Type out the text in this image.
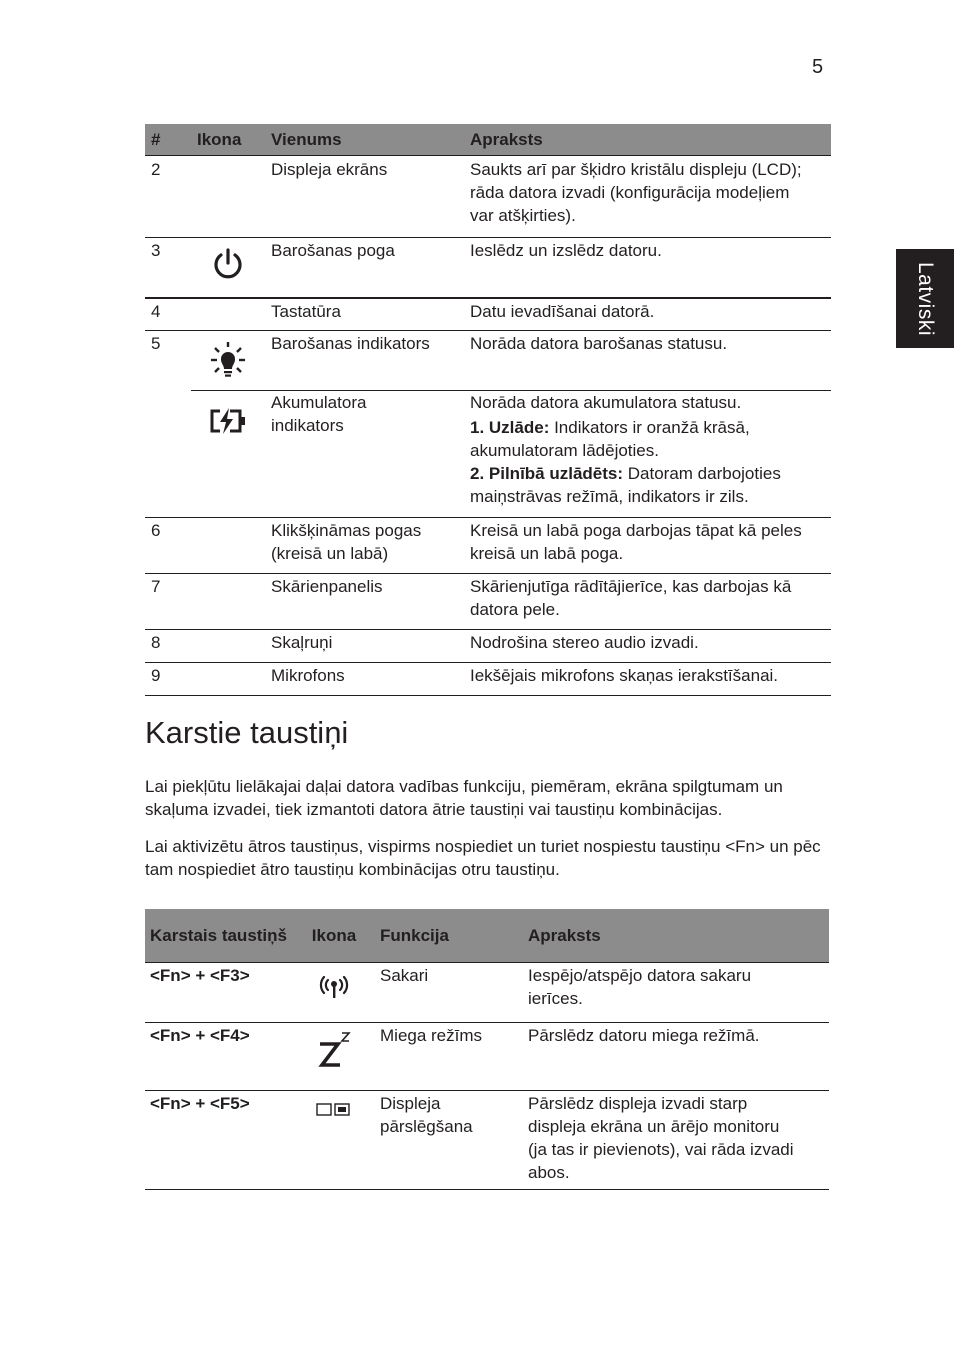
5
Latviski
#	Ikona	Vienums	Apraksts
2		Displeja ekrāns	Saukts arī par šķidro kristālu displeju (LCD);
rāda datora izvadi (konfigurācija modeļiem
var atšķirties).

3		Barošanas poga	Ieslēdz un izslēdz datoru.
4		Tastatūra	Datu ievadīšanai datorā.
5		Barošanas indikators	Norāda datora barošanas statusu.

Akumulatora
indikators	Norāda datora akumulatora statusu.
1. Uzlāde: Indikators ir oranžā krāsā,
akumulatoram lādējoties.
2. Pilnībā uzlādēts: Datoram darbojoties
maiņstrāvas režīmā, indikators ir zils.

6		Klikšķināmas pogas
(kreisā un labā)	Kreisā un labā poga darbojas tāpat kā peles
kreisā un labā poga.

7		Skārienpanelis	Skārienjutīga rādītājierīce, kas darbojas kā
datora pele.

8		Skaļruņi	Nodrošina stereo audio izvadi.
9		Mikrofons	Iekšējais mikrofons skaņas ierakstīšanai.
Karstie taustiņi

Lai piekļūtu lielākajai daļai datora vadības funkciju, piemēram, ekrāna spilgtumam un skaļuma izvadei, tiek izmantoti datora ātrie taustiņi vai taustiņu kombinācijas.

Lai aktivizētu ātros taustiņus, vispirms nospiediet un turiet nospiestu taustiņu <Fn> un pēc tam nospiediet ātro taustiņu kombinācijas otru taustiņu.

Karstais taustiņš	Ikona	Funkcija	Apraksts
<Fn> + <F3>		Sakari	Iespējo/atspējo datora sakaru
ierīces.

<Fn> + <F4>		Miega režīms	Pārslēdz datoru miega režīmā.
<Fn> + <F5>		Displeja
pārslēgšana	Pārslēdz displeja izvadi starp
displeja ekrāna un ārējo monitoru
(ja tas ir pievienots), vai rāda izvadi
abos.
